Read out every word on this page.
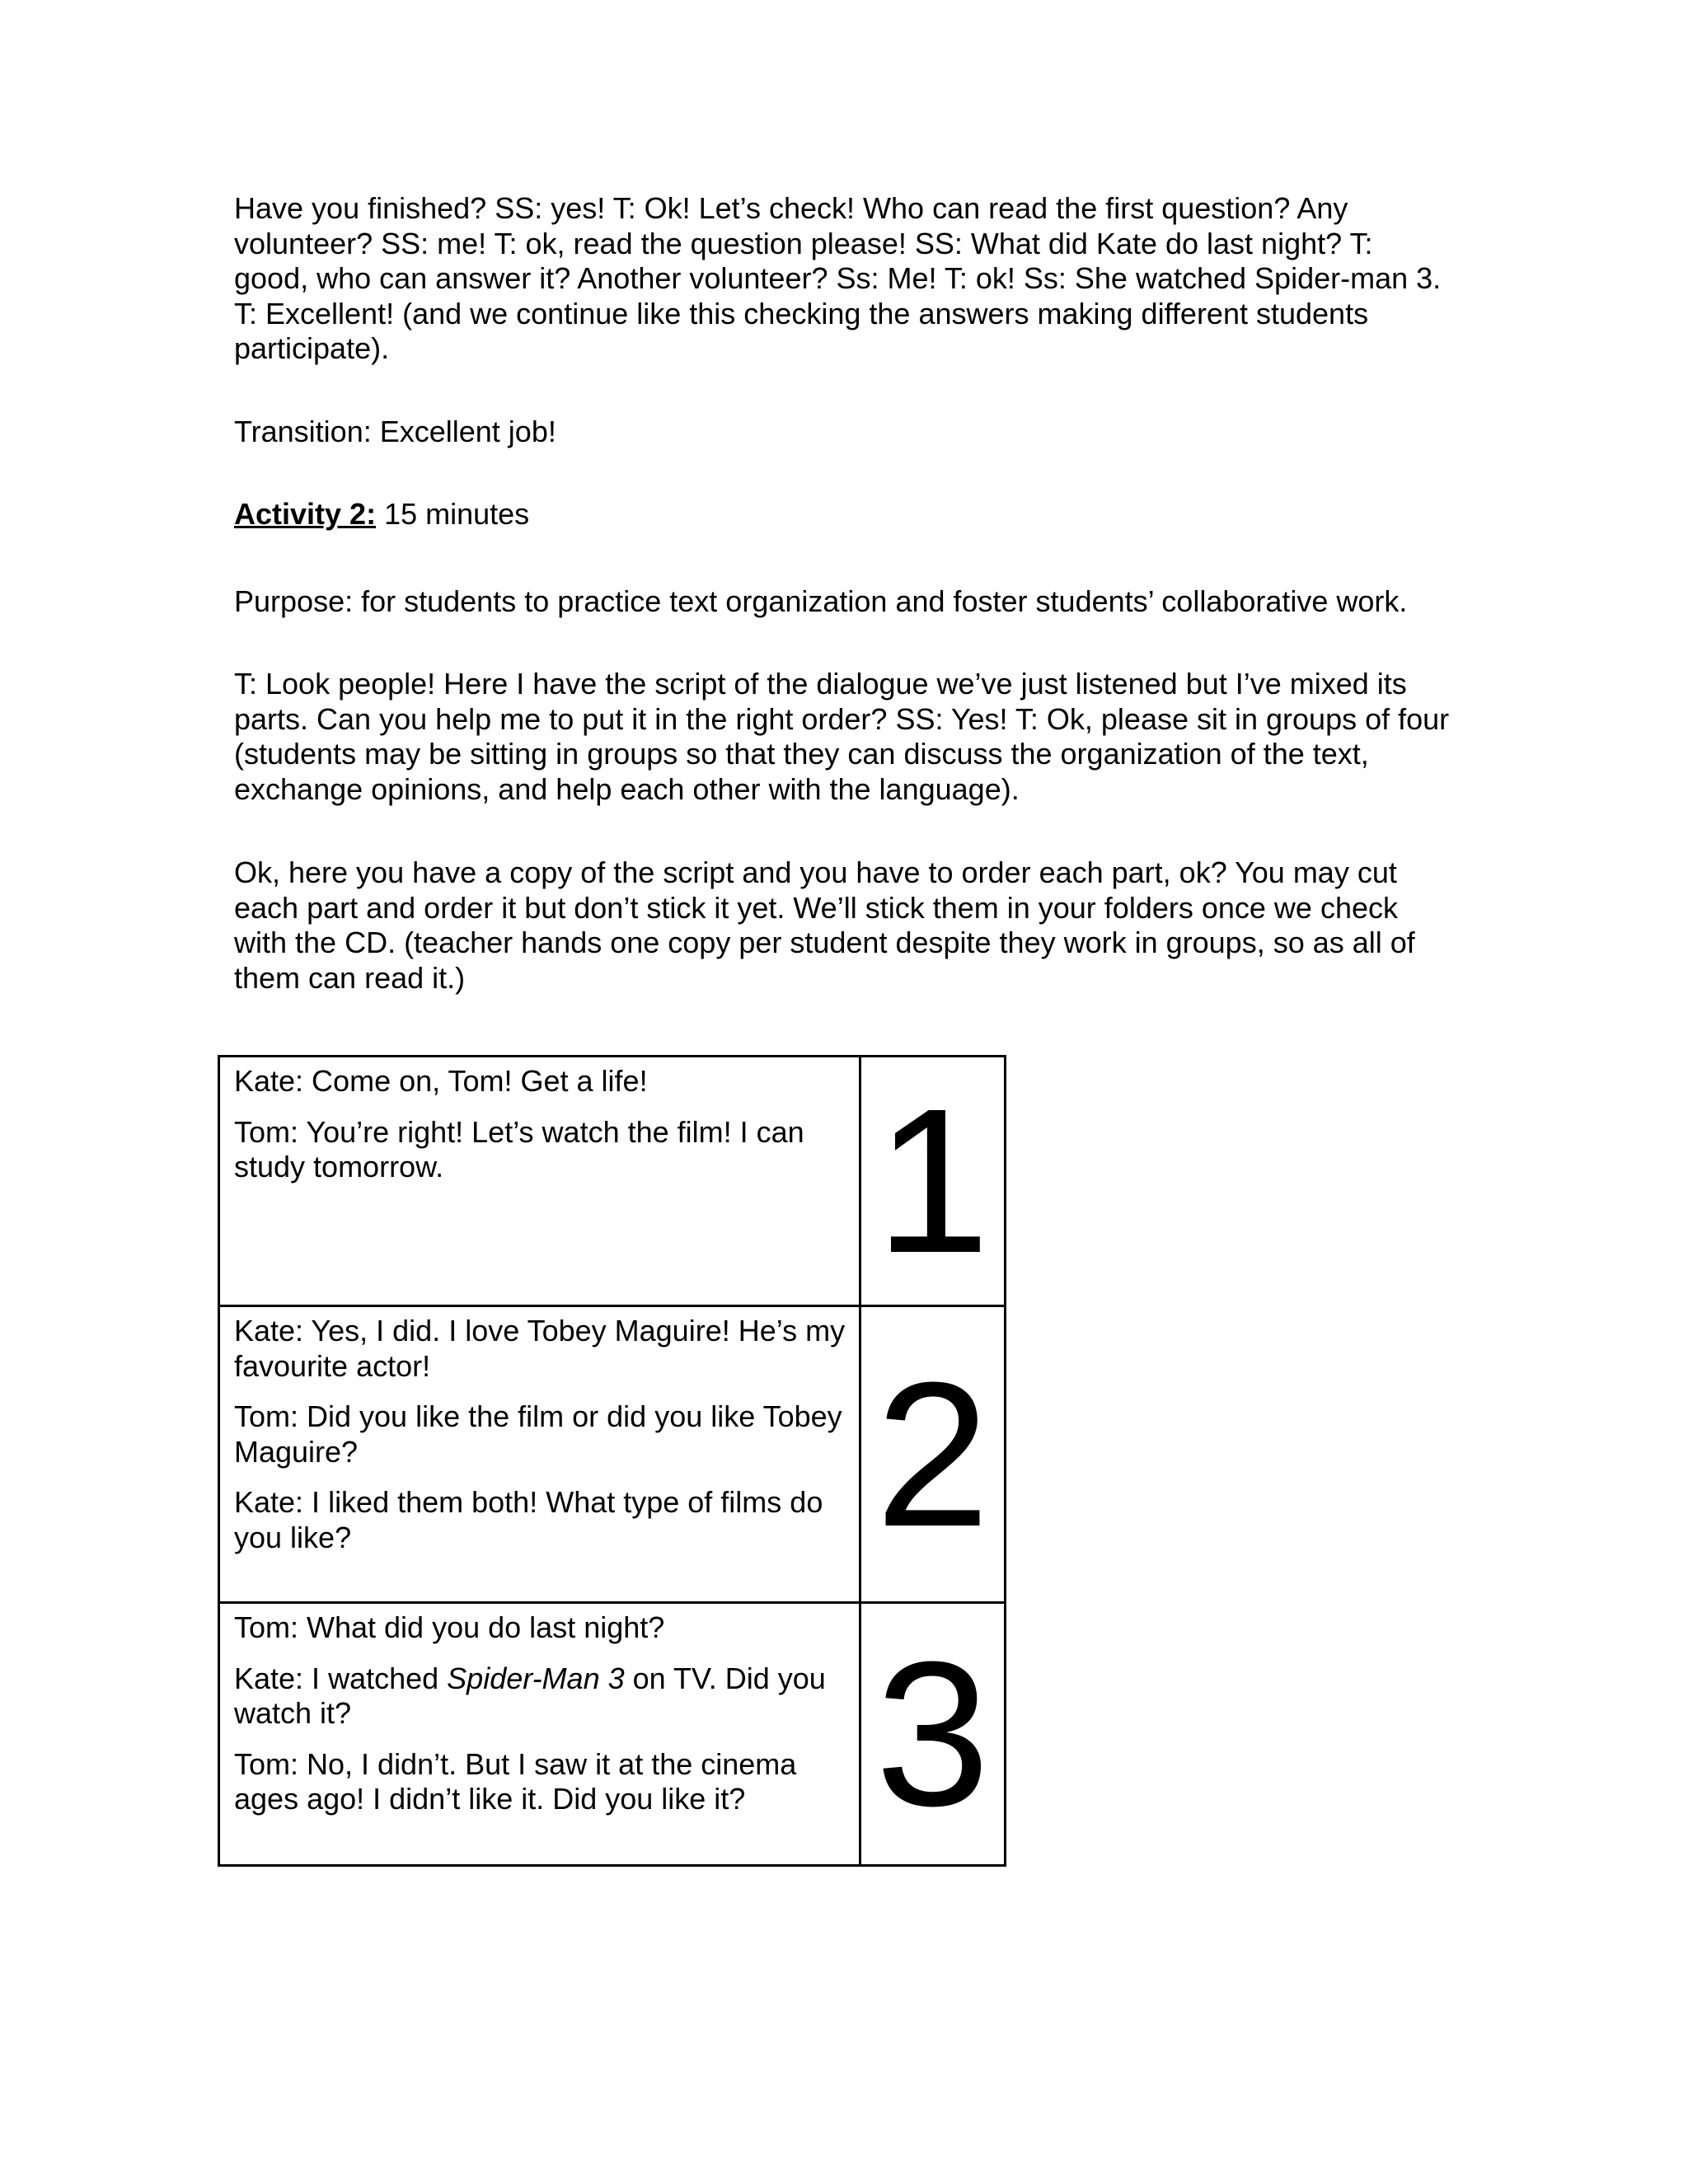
Have you finished? SS: yes! T: Ok! Let’s check! Who can read the first question? Any volunteer? SS: me! T: ok, read the question please! SS: What did Kate do last night? T: good, who can answer it? Another volunteer? Ss: Me! T: ok! Ss: She watched Spider-man 3. T: Excellent! (and we continue like this checking the answers making different students participate).

Transition: Excellent job!

Activity 2: 15 minutes

Purpose: for students to practice text organization and foster students’ collaborative work.

T: Look people! Here I have the script of the dialogue we’ve just listened but I’ve mixed its parts. Can you help me to put it in the right order? SS: Yes! T: Ok, please sit in groups of four (students may be sitting in groups so that they can discuss the organization of the text, exchange opinions, and help each other with the language).

Ok, here you have a copy of the script and you have to order each part, ok? You may cut each part and order it but don’t stick it yet. We’ll stick them in your folders once we check with the CD. (teacher hands one copy per student despite they work in groups, so as all of them can read it.)

Kate: Come on, Tom! Get a life!

Tom: You’re right! Let’s watch the film! I can study tomorrow.	1

Kate: Yes, I did. I love Tobey Maguire! He’s my favourite actor!

Tom: Did you like the film or did you like Tobey Maguire?

Kate: I liked them both! What type of films do you like?	2

Tom: What did you do last night?

Kate: I watched Spider-Man 3 on TV. Did you watch it?

Tom: No, I didn’t. But I saw it at the cinema ages ago! I didn’t like it. Did you like it?	3
